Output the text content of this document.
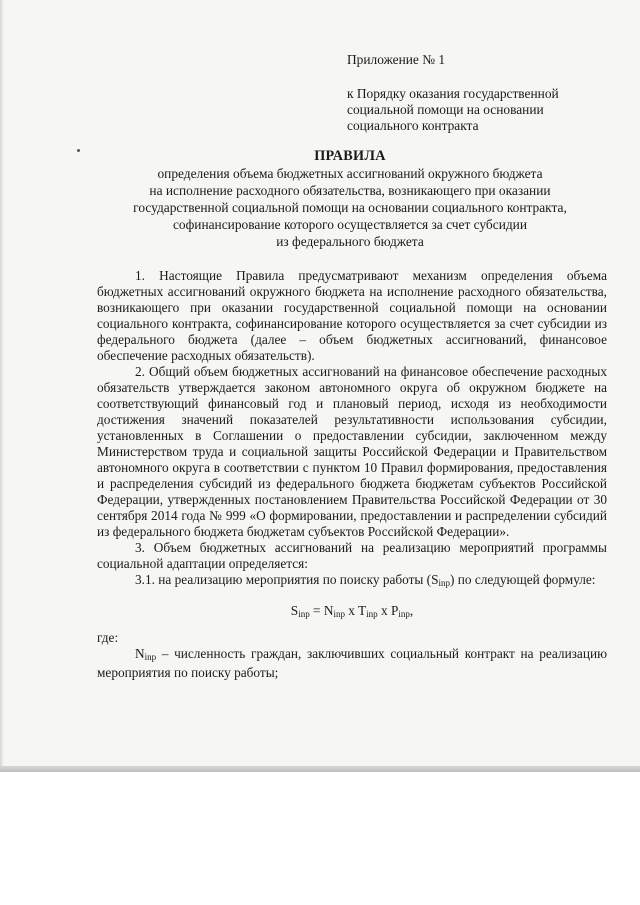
Приложение № 1
к Порядку оказания государственной
социальной помощи на основании
социального контракта
ПРАВИЛА
определения объема бюджетных ассигнований окружного бюджета
на исполнение расходного обязательства, возникающего при оказании
государственной социальной помощи на основании социального контракта,
софинансирование которого осуществляется за счет субсидии
из федерального бюджета

1. Настоящие Правила предусматривают механизм определения объема бюджетных ассигнований окружного бюджета на исполнение расходного обязательства, возникающего при оказании государственной социальной помощи на основании социального контракта, софинансирование которого осуществляется за счет субсидии из федерального бюджета (далее – объем бюджетных ассигнований, финансовое обеспечение расходных обязательств).

2. Общий объем бюджетных ассигнований на финансовое обеспечение расходных обязательств утверждается законом автономного округа об окружном бюджете на соответствующий финансовый год и плановый период, исходя из необходимости достижения значений показателей результативности использования субсидии, установленных в Соглашении о предоставлении субсидии, заключенном между Министерством труда и социальной защиты Российской Федерации и Правительством автономного округа в соответствии с пунктом 10 Правил формирования, предоставления и распределения субсидий из федерального бюджета бюджетам субъектов Российской Федерации, утвержденных постановлением Правительства Российской Федерации от 30 сентября 2014 года № 999 «О формировании, предоставлении и распределении субсидий из федерального бюджета бюджетам субъектов Российской Федерации».

3. Объем бюджетных ассигнований на реализацию мероприятий программы социальной адаптации определяется:

3.1. на реализацию мероприятия по поиску работы $(S_{inp})$ по следующей формуле:

$S_{inp} = N_{inp}$ x $T_{inp}$ x $P_{inp}$,

где:

$N_{inp}$ – численность граждан, заключивших социальный контракт на реализацию мероприятия по поиску работы;
